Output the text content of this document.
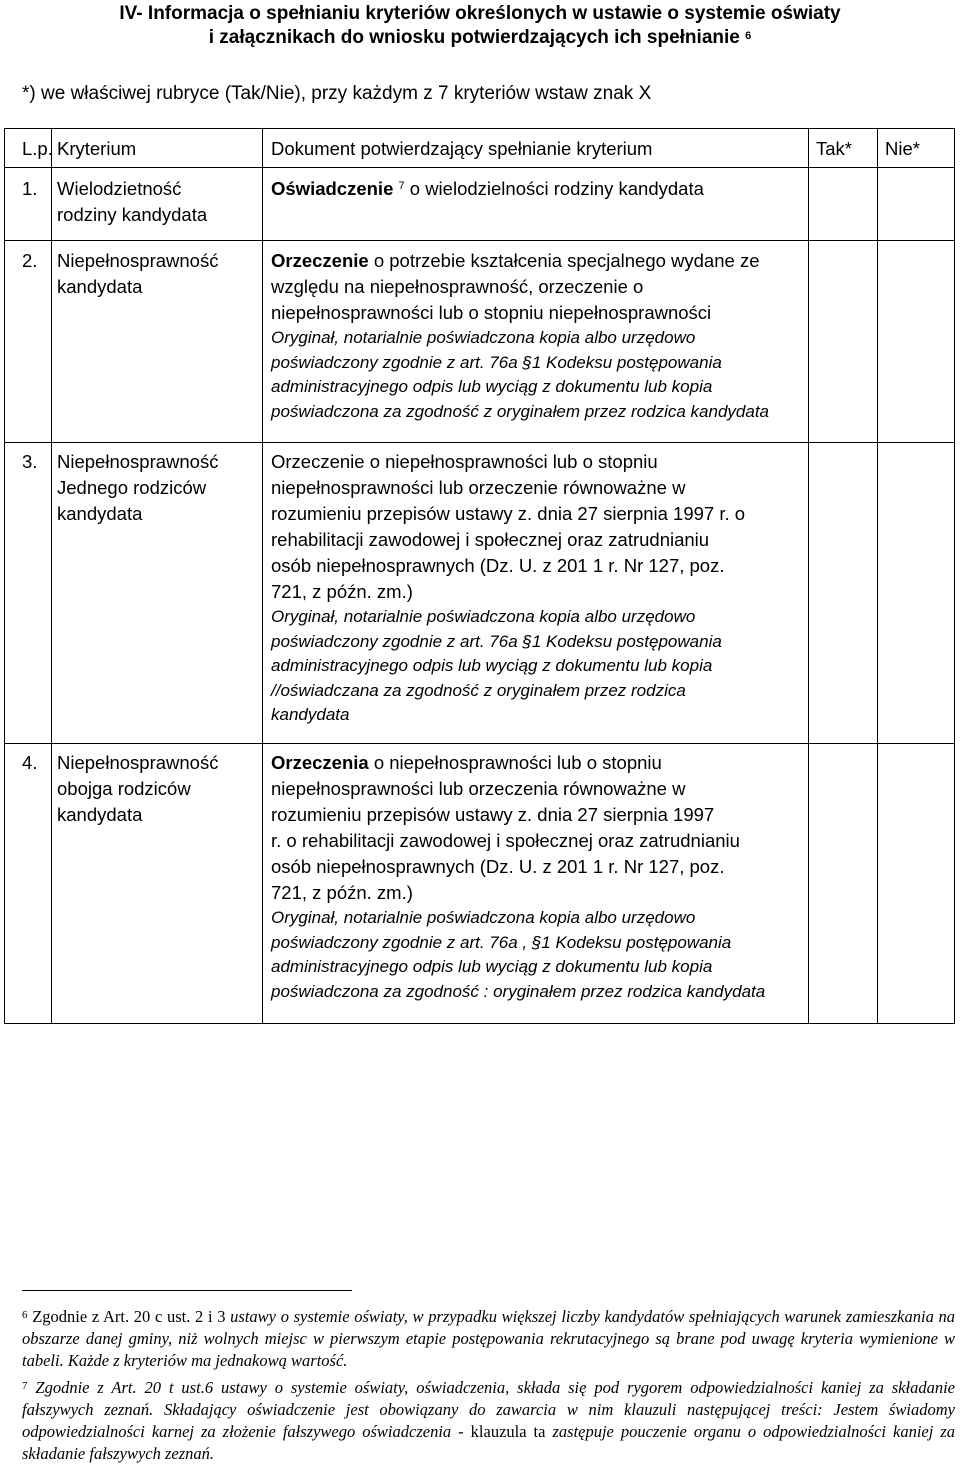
IV- Informacja o spełnianiu kryteriów określonych w ustawie o systemie oświaty
i załącznikach do wniosku potwierdzających ich spełnianie $^6$
*) we właściwej rubryce (Tak/Nie), przy każdym z 7 kryteriów wstaw znak X
L.p. Kryterium	Dokument potwierdzający spełnianie kryterium	Tak* Nie*
1. Wielodzietność
rodziny kandydata
Oświadczenie $^7$ o wielodzielności rodziny kandydata
2. Niepełnosprawność
kandydata
Orzeczenie o potrzebie kształcenia specjalnego wydane ze
względu na niepełnosprawność, orzeczenie o
niepełnosprawności lub o stopniu niepełnosprawności
Oryginał, notarialnie poświadczona kopia albo urzędowo
poświadczony zgodnie z art. 76a §1 Kodeksu postępowania
administracyjnego odpis lub wyciąg z dokumentu lub kopia
poświadczona za zgodność z oryginałem przez rodzica kandydata
3. Niepełnosprawność
Jednego rodziców
kandydata
Orzeczenie o niepełnosprawności lub o stopniu
niepełnosprawności lub orzeczenie równoważne w
rozumieniu przepisów ustawy z. dnia 27 sierpnia 1997 r. o
rehabilitacji zawodowej i społecznej oraz zatrudnianiu
osób niepełnosprawnych (Dz. U. z 201 1 r. Nr 127, poz.
721, z późn. zm.)
Oryginał, notarialnie poświadczona kopia albo urzędowo
poświadczony zgodnie z art. 76a §1 Kodeksu postępowania
administracyjnego odpis lub wyciąg z dokumentu lub kopia
//oświadczana za zgodność z oryginałem przez rodzica
kandydata
4. Niepełnosprawność
obojga rodziców
kandydata
Orzeczenia o niepełnosprawności lub o stopniu
niepełnosprawności lub orzeczenia równoważne w
rozumieniu przepisów ustawy z. dnia 27 sierpnia 1997
r. o rehabilitacji zawodowej i społecznej oraz zatrudnianiu
osób niepełnosprawnych (Dz. U. z 201 1 r. Nr 127, poz.
721, z późn. zm.)
Oryginał, notarialnie poświadczona kopia albo urzędowo
poświadczony zgodnie z art. 76a , §1 Kodeksu postępowania
administracyjnego odpis lub wyciąg z dokumentu lub kopia
poświadczona za zgodność : oryginałem przez rodzica kandydata
$^6$ Zgodnie z Art. 20 c ust. 2 i 3 ustawy o systemie oświaty, w przypadku większej liczby kandydatów spełniających warunek zamieszkania na obszarze danej gminy, niż wolnych miejsc w pierwszym etapie postępowania rekrutacyjnego są brane pod uwagę kryteria wymienione w tabeli. Każde z kryteriów ma jednakową wartość.
$^7$ Zgodnie z Art. 20 t ust.6 ustawy o systemie oświaty, oświadczenia, składa się pod rygorem odpowiedzialności kaniej za składanie fałszywych zeznań. Składający oświadczenie jest obowiązany do zawarcia w nim klauzuli następującej treści: Jestem świadomy odpowiedzialności karnej za złożenie fałszywego oświadczenia - klauzula ta zastępuje pouczenie organu o odpowiedzialności kaniej za składanie fałszywych zeznań.
